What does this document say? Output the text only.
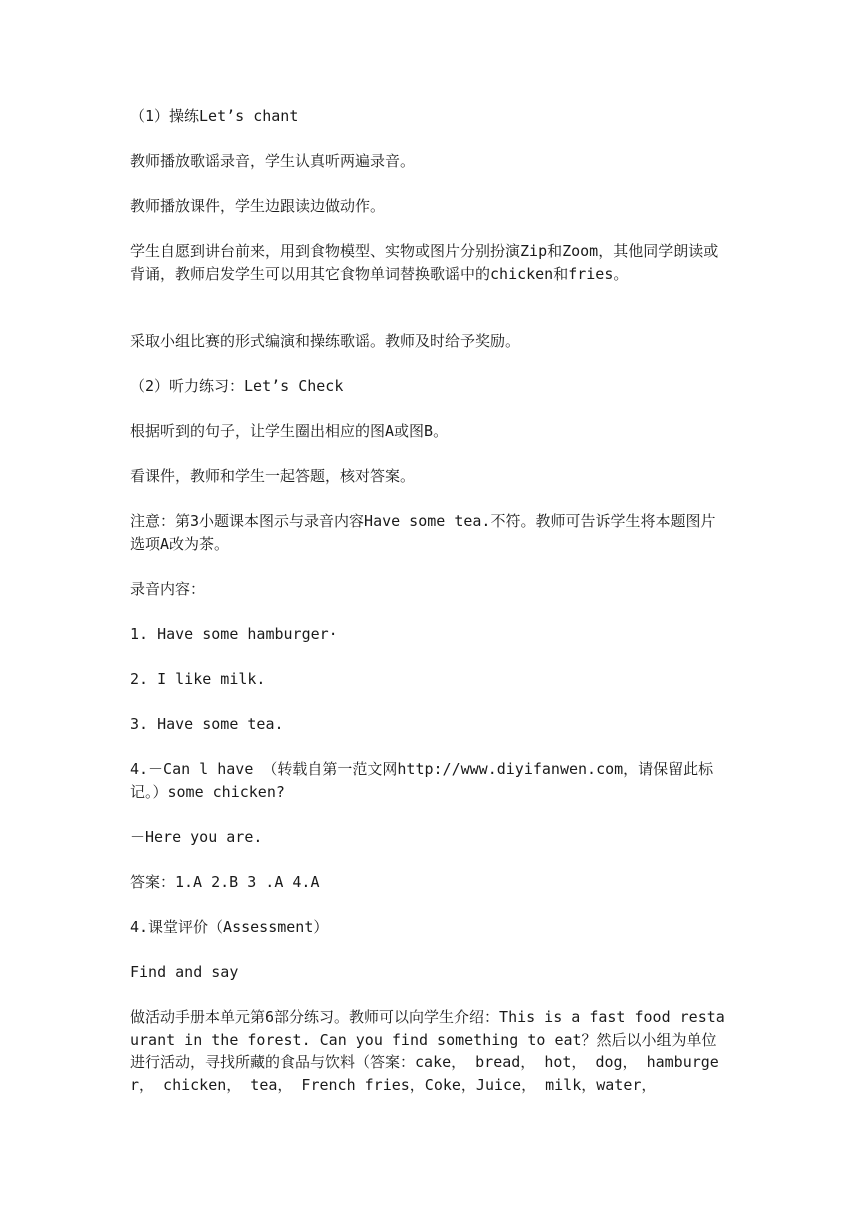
（1）操练Let’s chant

教师播放歌谣录音，学生认真听两遍录音。

教师播放课件，学生边跟读边做动作。

学生自愿到讲台前来，用到食物模型、实物或图片分别扮演Zip和Zoom，其他同学朗读或背诵，教师启发学生可以用其它食物单词替换歌谣中的chicken和fries。

采取小组比赛的形式编演和操练歌谣。教师及时给予奖励。

（2）听力练习：Let’s Check

根据听到的句子，让学生圈出相应的图A或图B。

看课件，教师和学生一起答题，核对答案。

注意：第3小题课本图示与录音内容Have some tea.不符。教师可告诉学生将本题图片选项A改为茶。

录音内容：

1. Have some hamburger·

2. I like milk.

3. Have some tea.

4.－Can l have （转载自第一范文网http://www.diyifanwen.com，请保留此标记。）some chicken?

－Here you are.

答案：1.A 2.B 3 .A 4.A

4.课堂评价（Assessment）

Find and say

做活动手册本单元第6部分练习。教师可以向学生介绍：This is a fast food restaurant in the forest. Can you find something to eat？然后以小组为单位进行活动，寻找所藏的食品与饮料（答案：cake， bread， hot， dog， hamburger， chicken， tea， French fries，Coke，Juice， milk，water，
